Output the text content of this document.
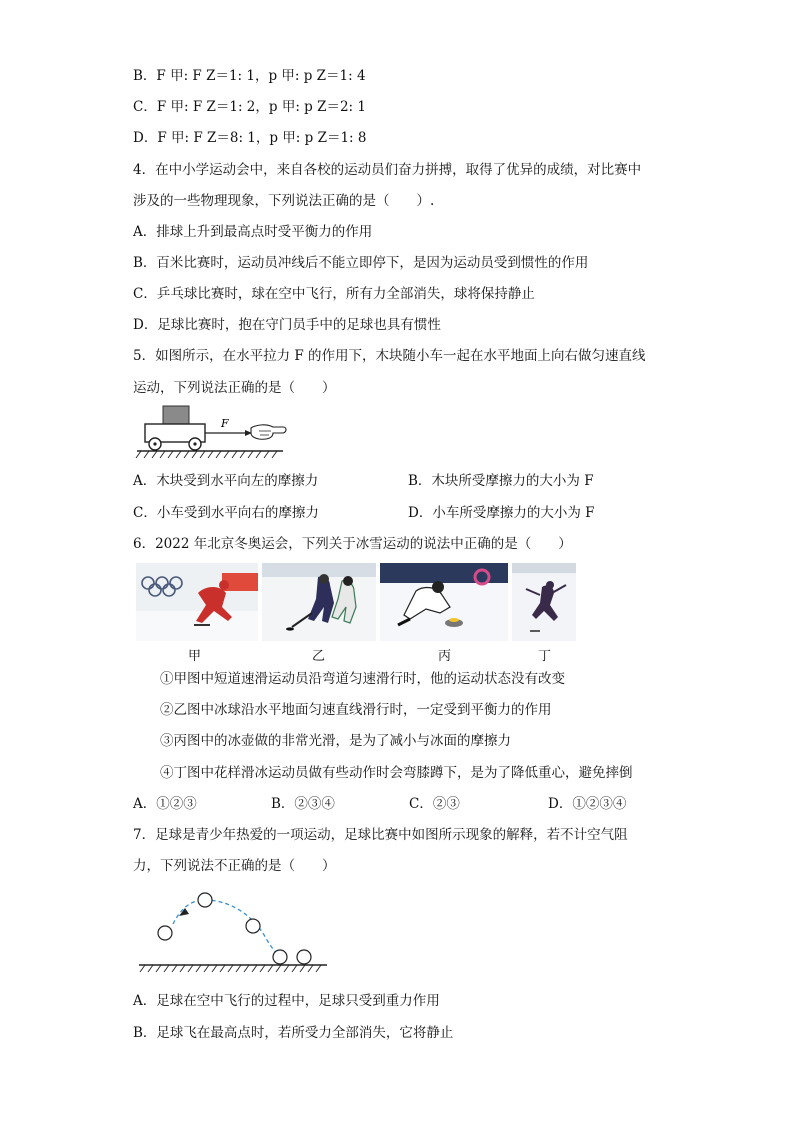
B．F 甲: F Z＝1: 1，p 甲: p Z＝1: 4
C．F 甲: F Z＝1: 2，p 甲: p Z＝2: 1
D．F 甲: F Z＝8: 1，p 甲: p Z＝1: 8
4．在中小学运动会中，来自各校的运动员们奋力拼搏，取得了优异的成绩，对比赛中
涉及的一些物理现象，下列说法正确的是（　　）.
A．排球上升到最高点时受平衡力的作用
B．百米比赛时，运动员冲线后不能立即停下，是因为运动员受到惯性的作用
C．乒乓球比赛时，球在空中飞行，所有力全部消失，球将保持静止
D．足球比赛时，抱在守门员手中的足球也具有惯性
5．如图所示，在水平拉力 F 的作用下，木块随小车一起在水平地面上向右做匀速直线
运动，下列说法正确的是（　　）
F
A．木块受到水平向左的摩擦力	B．木块所受摩擦力的大小为 F
C．小车受到水平向右的摩擦力	D．小车所受摩擦力的大小为 F
6．2022 年北京冬奥运会，下列关于冰雪运动的说法中正确的是（　　）
甲	乙	丙	丁
①甲图中短道速滑运动员沿弯道匀速滑行时，他的运动状态没有改变
②乙图中冰球沿水平地面匀速直线滑行时，一定受到平衡力的作用
③丙图中的冰壶做的非常光滑，是为了减小与冰面的摩擦力
④丁图中花样滑冰运动员做有些动作时会弯膝蹲下，是为了降低重心，避免摔倒
A．①②③	B．②③④	C．②③	D．①②③④
7．足球是青少年热爱的一项运动，足球比赛中如图所示现象的解释，若不计空气阻
力，下列说法不正确的是（　　）
A．足球在空中飞行的过程中，足球只受到重力作用
B．足球飞在最高点时，若所受力全部消失，它将静止
